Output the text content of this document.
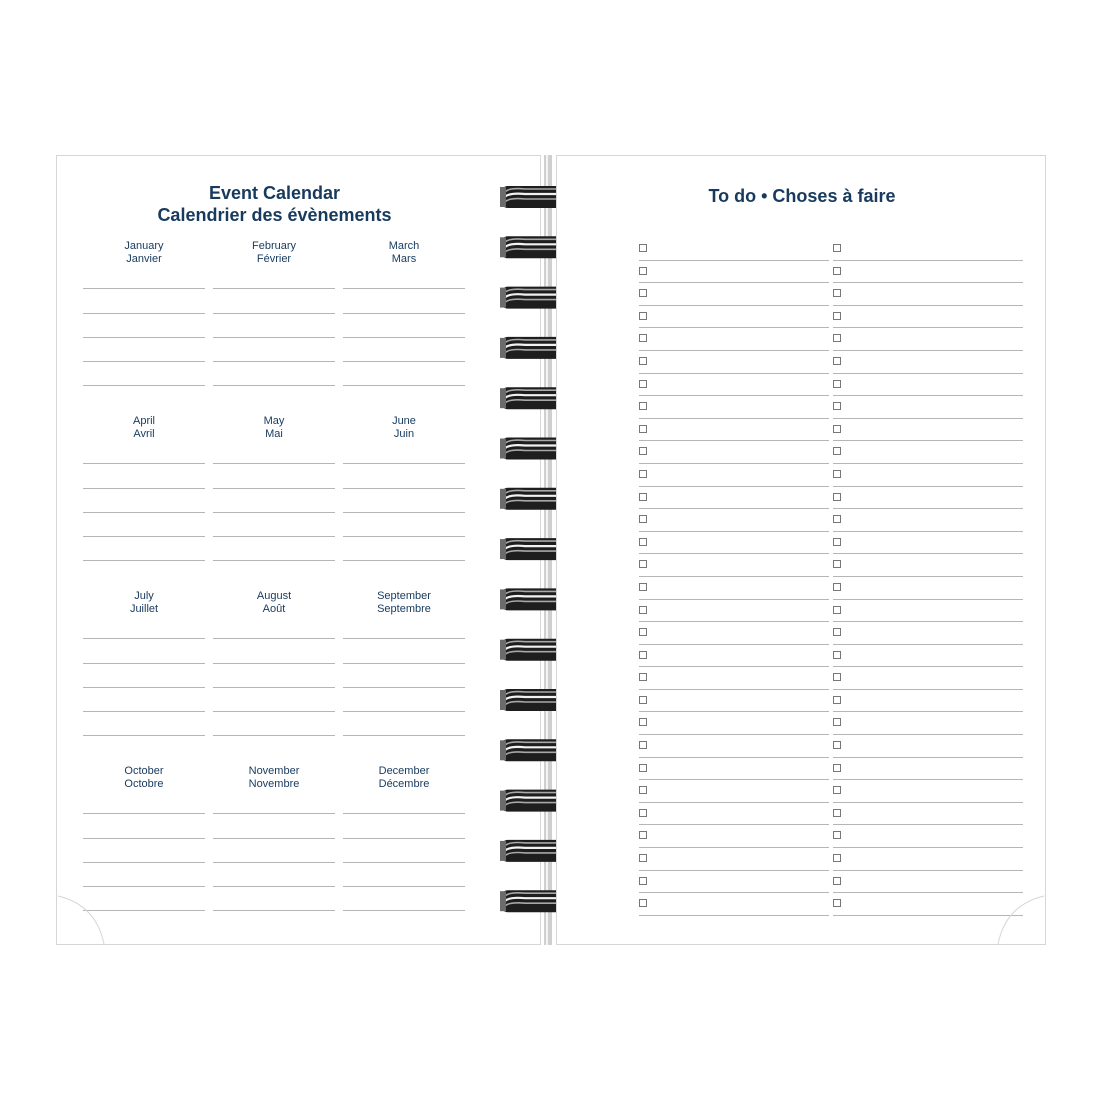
Event Calendar
Calendrier des évènements
January
Janvier
February
Février
March
Mars
April
Avril
May
Mai
June
Juin
July
Juillet
August
Août
September
Septembre
October
Octobre
November
Novembre
December
Décembre
To do • Choses à faire
